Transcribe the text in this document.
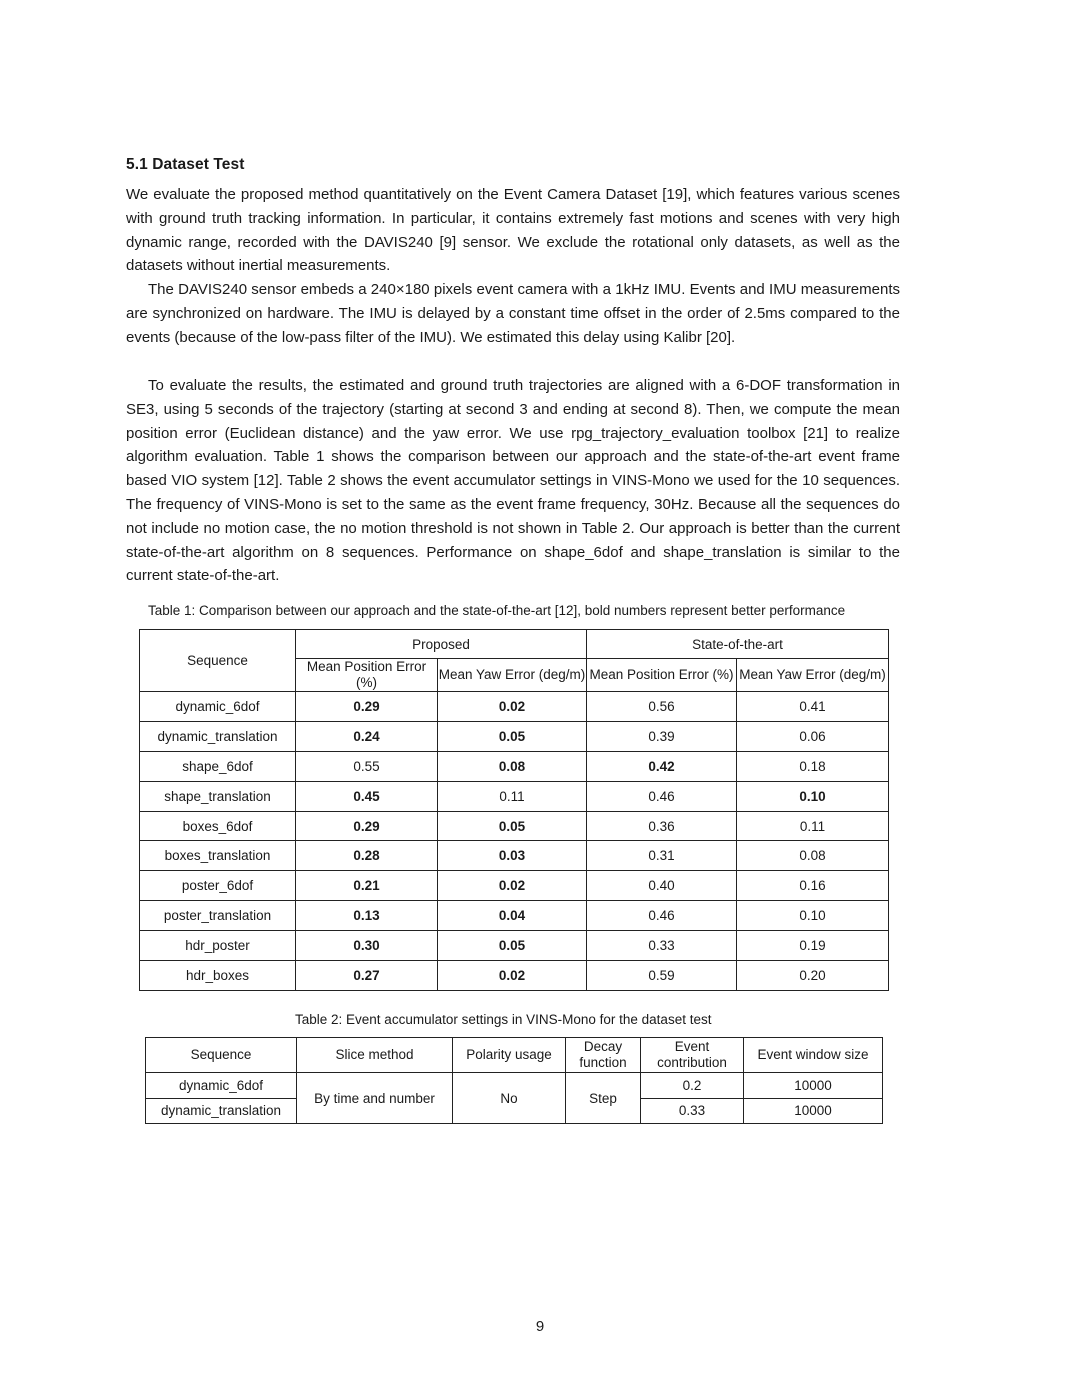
5.1 Dataset Test

We evaluate the proposed method quantitatively on the Event Camera Dataset [19], which features various scenes with ground truth tracking information. In particular, it contains extremely fast motions and scenes with very high dynamic range, recorded with the DAVIS240 [9] sensor. We exclude the rotational only datasets, as well as the datasets without inertial measurements.

The DAVIS240 sensor embeds a 240×180 pixels event camera with a 1kHz IMU. Events and IMU measurements are synchronized on hardware. The IMU is delayed by a constant time offset in the order of 2.5ms compared to the events (because of the low-pass filter of the IMU). We estimated this delay using Kalibr [20].

To evaluate the results, the estimated and ground truth trajectories are aligned with a 6-DOF transformation in SE3, using 5 seconds of the trajectory (starting at second 3 and ending at second 8). Then, we compute the mean position error (Euclidean distance) and the yaw error. We use rpg_trajectory_evaluation toolbox [21] to realize algorithm evaluation. Table 1 shows the comparison between our approach and the state-of-the-art event frame based VIO system [12]. Table 2 shows the event accumulator settings in VINS-Mono we used for the 10 sequences. The frequency of VINS-Mono is set to the same as the event frame frequency, 30Hz. Because all the sequences do not include no motion case, the no motion threshold is not shown in Table 2. Our approach is better than the current state-of-the-art algorithm on 8 sequences. Performance on shape_6dof and shape_translation is similar to the current state-of-the-art.

Table 1: Comparison between our approach and the state-of-the-art [12], bold numbers represent better performance
Sequence	Proposed		State-of-the-art	
	Mean Position Error (%)	Mean Yaw Error (deg/m)	Mean Position Error (%)	Mean Yaw Error (deg/m)
dynamic_6dof	0.29	0.02	0.56	0.41
dynamic_translation	0.24	0.05	0.39	0.06
shape_6dof	0.55	0.08	0.42	0.18
shape_translation	0.45	0.11	0.46	0.10
boxes_6dof	0.29	0.05	0.36	0.11
boxes_translation	0.28	0.03	0.31	0.08
poster_6dof	0.21	0.02	0.40	0.16
poster_translation	0.13	0.04	0.46	0.10
hdr_poster	0.30	0.05	0.33	0.19
hdr_boxes	0.27	0.02	0.59	0.20
Table 2: Event accumulator settings in VINS-Mono for the dataset test
Sequence	Slice method	Polarity usage	Decay function	Event contribution	Event window size
dynamic_6dof	By time and number	No	Step	0.2	10000
dynamic_translation				0.33	10000
9
